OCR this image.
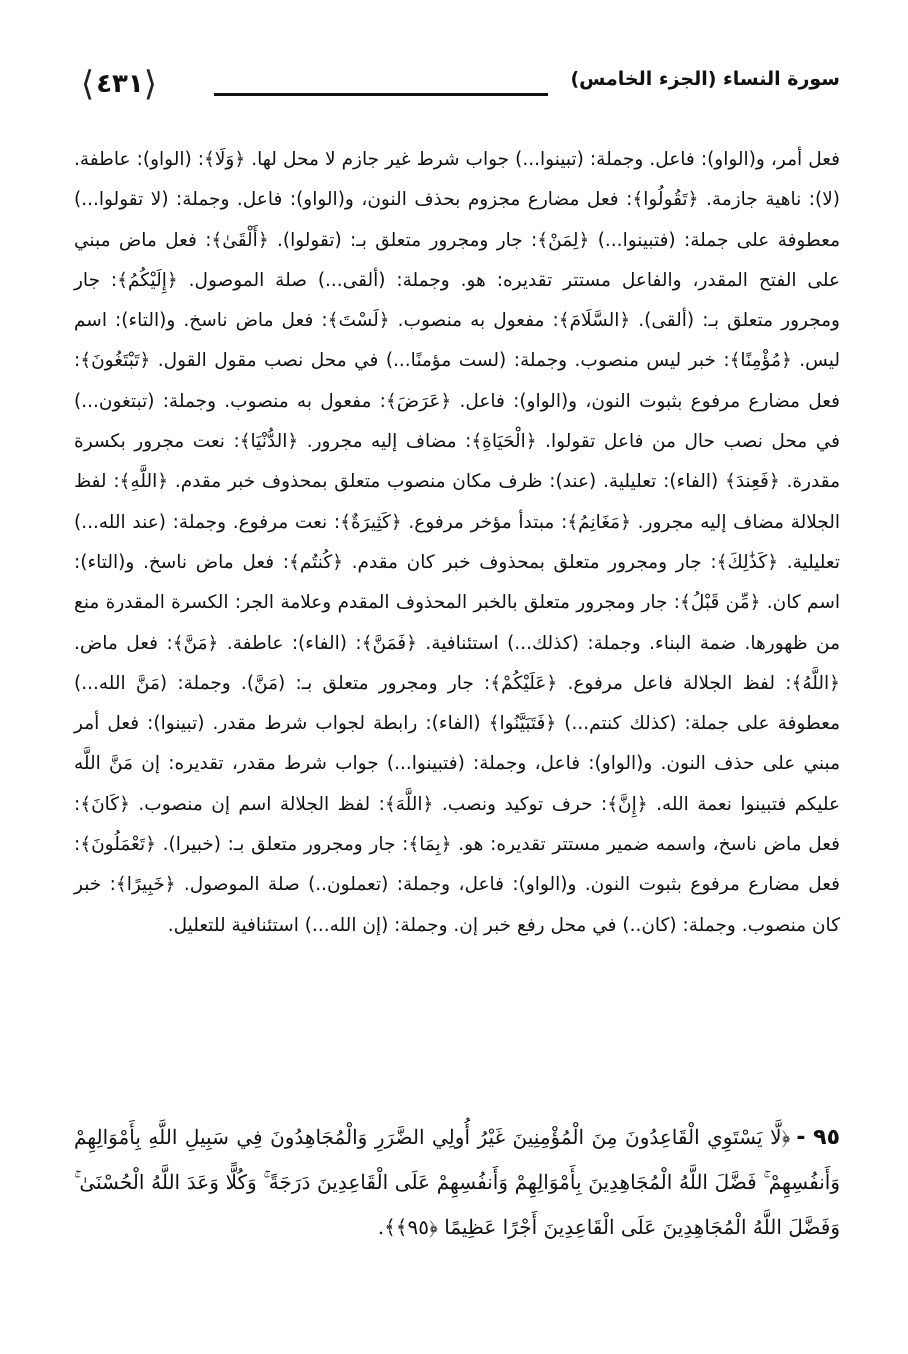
⟨ ٤٣١ ⟩	سورة النساء (الجزء الخامس)

فعل أمر، و(الواو): فاعل. وجملة: (تبينوا...) جواب شرط غير جازم لا محل لها. ﴿وَلَا﴾: (الواو): عاطفة. (لا): ناهية جازمة. ﴿تَقُولُوا﴾: فعل مضارع مجزوم بحذف النون، و(الواو): فاعل. وجملة: (لا تقولوا...) معطوفة على جملة: (فتبينوا...) ﴿لِمَنْ﴾: جار ومجرور متعلق بـ: (تقولوا). ﴿أَلْقَىٰ﴾: فعل ماض مبني على الفتح المقدر، والفاعل مستتر تقديره: هو. وجملة: (ألقى...) صلة الموصول. ﴿إِلَيْكُمُ﴾: جار ومجرور متعلق بـ: (ألقى). ﴿السَّلَامَ﴾: مفعول به منصوب. ﴿لَسْتَ﴾: فعل ماض ناسخ. و(التاء): اسم ليس. ﴿مُؤْمِنًا﴾: خبر ليس منصوب. وجملة: (لست مؤمنًا...) في محل نصب مقول القول. ﴿تَبْتَغُونَ﴾: فعل مضارع مرفوع بثبوت النون، و(الواو): فاعل. ﴿عَرَضَ﴾: مفعول به منصوب. وجملة: (تبتغون...) في محل نصب حال من فاعل تقولوا. ﴿الْحَيَاةِ﴾: مضاف إليه مجرور. ﴿الدُّنْيَا﴾: نعت مجرور بكسرة مقدرة. ﴿فَعِندَ﴾ (الفاء): تعليلية. (عند): ظرف مكان منصوب متعلق بمحذوف خبر مقدم. ﴿اللَّهِ﴾: لفظ الجلالة مضاف إليه مجرور. ﴿مَغَانِمُ﴾: مبتدأ مؤخر مرفوع. ﴿كَثِيرَةٌ﴾: نعت مرفوع. وجملة: (عند الله...) تعليلية. ﴿كَذَٰلِكَ﴾: جار ومجرور متعلق بمحذوف خبر كان مقدم. ﴿كُنتُم﴾: فعل ماض ناسخ. و(التاء): اسم كان. ﴿مِّن قَبْلُ﴾: جار ومجرور متعلق بالخبر المحذوف المقدم وعلامة الجر: الكسرة المقدرة منع من ظهورها. ضمة البناء. وجملة: (كذلك...) استئنافية. ﴿فَمَنَّ﴾: (الفاء): عاطفة. ﴿مَنَّ﴾: فعل ماض. ﴿اللَّهُ﴾: لفظ الجلالة فاعل مرفوع. ﴿عَلَيْكُمْ﴾: جار ومجرور متعلق بـ: (مَنَّ). وجملة: (مَنَّ الله...) معطوفة على جملة: (كذلك كنتم...) ﴿فَتَبَيَّنُوا﴾ (الفاء): رابطة لجواب شرط مقدر. (تبينوا): فعل أمر مبني على حذف النون. و(الواو): فاعل، وجملة: (فتبينوا...) جواب شرط مقدر، تقديره: إن مَنَّ اللَّه عليكم فتبينوا نعمة الله. ﴿إِنَّ﴾: حرف توكيد ونصب. ﴿اللَّهَ﴾: لفظ الجلالة اسم إن منصوب. ﴿كَانَ﴾: فعل ماض ناسخ، واسمه ضمير مستتر تقديره: هو. ﴿بِمَا﴾: جار ومجرور متعلق بـ: (خبيرا). ﴿تَعْمَلُونَ﴾: فعل مضارع مرفوع بثبوت النون. و(الواو): فاعل، وجملة: (تعملون..) صلة الموصول. ﴿خَبِيرًا﴾: خبر كان منصوب. وجملة: (كان..) في محل رفع خبر إن. وجملة: (إن الله...) استئنافية للتعليل.

٩٥ -﴿لَّا يَسْتَوِي الْقَاعِدُونَ مِنَ الْمُؤْمِنِينَ غَيْرُ أُولِي الضَّرَرِ وَالْمُجَاهِدُونَ فِي سَبِيلِ اللَّهِ بِأَمْوَالِهِمْ وَأَنفُسِهِمْ ۚ فَضَّلَ اللَّهُ الْمُجَاهِدِينَ بِأَمْوَالِهِمْ وَأَنفُسِهِمْ عَلَى الْقَاعِدِينَ دَرَجَةً ۚ وَكُلًّا وَعَدَ اللَّهُ الْحُسْنَىٰ ۚ وَفَضَّلَ اللَّهُ الْمُجَاهِدِينَ عَلَى الْقَاعِدِينَ أَجْرًا عَظِيمًا ﴿٩٥﴾﴾.
